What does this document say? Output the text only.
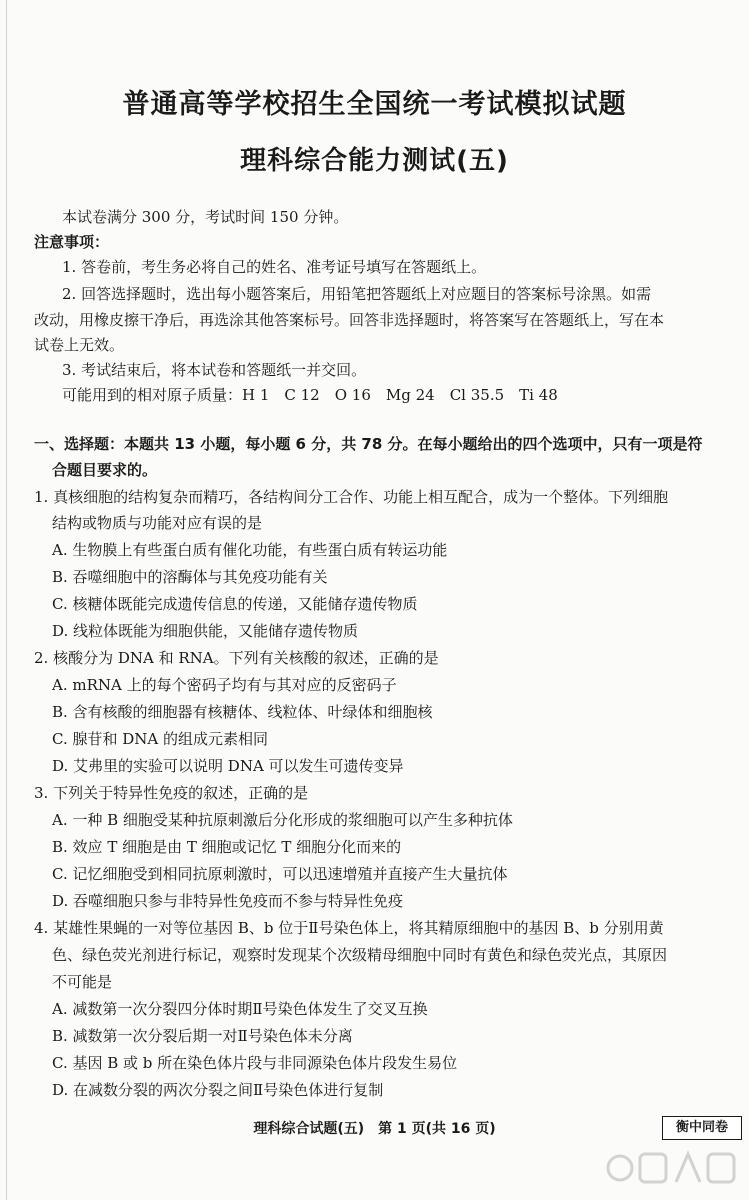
普通高等学校招生全国统一考试模拟试题
理科综合能力测试(五)
本试卷满分 300 分，考试时间 150 分钟。
注意事项：
1. 答卷前，考生务必将自己的姓名、准考证号填写在答题纸上。
2. 回答选择题时，选出每小题答案后，用铅笔把答题纸上对应题目的答案标号涂黑。如需
改动，用橡皮擦干净后，再选涂其他答案标号。回答非选择题时，将答案写在答题纸上，写在本
试卷上无效。
3. 考试结束后，将本试卷和答题纸一并交回。
可能用到的相对原子质量：H 1　C 12　O 16　Mg 24　Cl 35.5　Ti 48
一、选择题：本题共 13 小题，每小题 6 分，共 78 分。在每小题给出的四个选项中，只有一项是符
合题目要求的。
1. 真核细胞的结构复杂而精巧，各结构间分工合作、功能上相互配合，成为一个整体。下列细胞
结构或物质与功能对应有误的是
A. 生物膜上有些蛋白质有催化功能，有些蛋白质有转运功能
B. 吞噬细胞中的溶酶体与其免疫功能有关
C. 核糖体既能完成遗传信息的传递，又能储存遗传物质
D. 线粒体既能为细胞供能，又能储存遗传物质
2. 核酸分为 DNA 和 RNA。下列有关核酸的叙述，正确的是
A. mRNA 上的每个密码子均有与其对应的反密码子
B. 含有核酸的细胞器有核糖体、线粒体、叶绿体和细胞核
C. 腺苷和 DNA 的组成元素相同
D. 艾弗里的实验可以说明 DNA 可以发生可遗传变异
3. 下列关于特异性免疫的叙述，正确的是
A. 一种 B 细胞受某种抗原刺激后分化形成的浆细胞可以产生多种抗体
B. 效应 T 细胞是由 T 细胞或记忆 T 细胞分化而来的
C. 记忆细胞受到相同抗原刺激时，可以迅速增殖并直接产生大量抗体
D. 吞噬细胞只参与非特异性免疫而不参与特异性免疫
4. 某雄性果蝇的一对等位基因 B、b 位于Ⅱ号染色体上，将其精原细胞中的基因 B、b 分别用黄
色、绿色荧光剂进行标记，观察时发现某个次级精母细胞中同时有黄色和绿色荧光点，其原因
不可能是
A. 减数第一次分裂四分体时期Ⅱ号染色体发生了交叉互换
B. 减数第一次分裂后期一对Ⅱ号染色体未分离
C. 基因 B 或 b 所在染色体片段与非同源染色体片段发生易位
D. 在减数分裂的两次分裂之间Ⅱ号染色体进行复制
理科综合试题(五)　第 1 页(共 16 页)	衡中同卷
